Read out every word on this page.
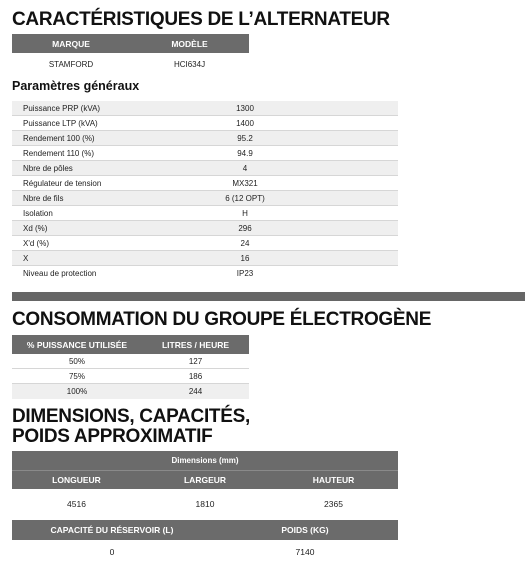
CARACTÉRISTIQUES DE L’ALTERNATEUR
MARQUE	MODÈLE
STAMFORD	HCI634J
Paramètres généraux
Puissance PRP (kVA)	1300
Puissance LTP (kVA)	1400
Rendement 100 (%)	95.2
Rendement 110 (%)	94.9
Nbre de pôles	4
Régulateur de tension	MX321
Nbre de fils	6 (12 OPT)
Isolation	H
Xd (%)	296
X'd (%)	24
X	16
Niveau de protection	IP23
CONSOMMATION DU GROUPE ÉLECTROGÈNE
% PUISSANCE UTILISÉE	LITRES / HEURE
50%	127
75%	186
100%	244
DIMENSIONS, CAPACITÉS,
POIDS APPROXIMATIF
Dimensions (mm)
LONGUEUR	LARGEUR	HAUTEUR
4516	1810	2365
CAPACITÉ DU RÉSERVOIR (L)	POIDS (KG)
0	7140
